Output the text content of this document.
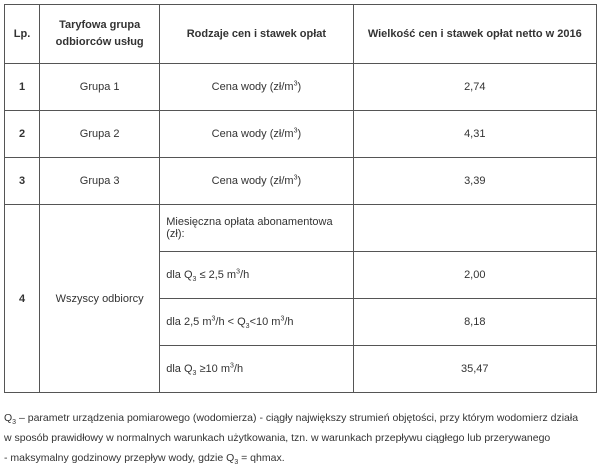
Lp.	Taryfowa grupa odbiorców usług	Rodzaje cen i stawek opłat	Wielkość cen i stawek opłat netto w 2016
1	Grupa 1	Cena wody $(zł/m^3)$	2,74
2	Grupa 2	Cena wody $(zł/m^3)$	4,31
3	Grupa 3	Cena wody $(zł/m^3)$	3,39
4	Wszyscy odbiorcy	Miesięczna opłata abonamentowa (zł):	
		dla $Q_3 \le 2,5$ $m^3/h$	2,00
		dla 2,5 $m^3/h < Q_3<10$ $m^3/h$	8,18
		dla $Q_3 \ge 10$ $m^3/h$	35,47

$Q_3$ – parametr urządzenia pomiarowego (wodomierza) - ciągły największy strumień objętości, przy którym wodomierz działa

w sposób prawidłowy w normalnych warunkach użytkowania, tzn. w warunkach przepływu ciągłego lub przerywanego

- maksymalny godzinowy przepływ wody, gdzie $Q_3 = qhmax$.
